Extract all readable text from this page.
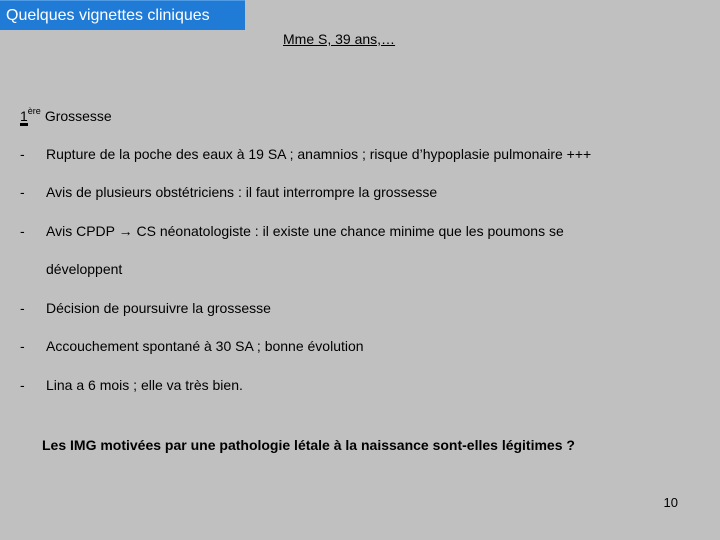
Quelques vignettes cliniques
Mme S, 39 ans,…
1ère Grossesse
- Rupture de la poche des eaux à 19 SA ; anamnios ; risque d’hypoplasie pulmonaire +++
- Avis de plusieurs obstétriciens : il faut interrompre la grossesse
- Avis CPDP → CS néonatologiste : il existe une chance minime que les poumons se
développent
- Décision de poursuivre la grossesse
- Accouchement spontané à 30 SA ; bonne évolution
- Lina a 6 mois ; elle va très bien.
Les IMG motivées par une pathologie létale à la naissance sont-elles légitimes ?
10
